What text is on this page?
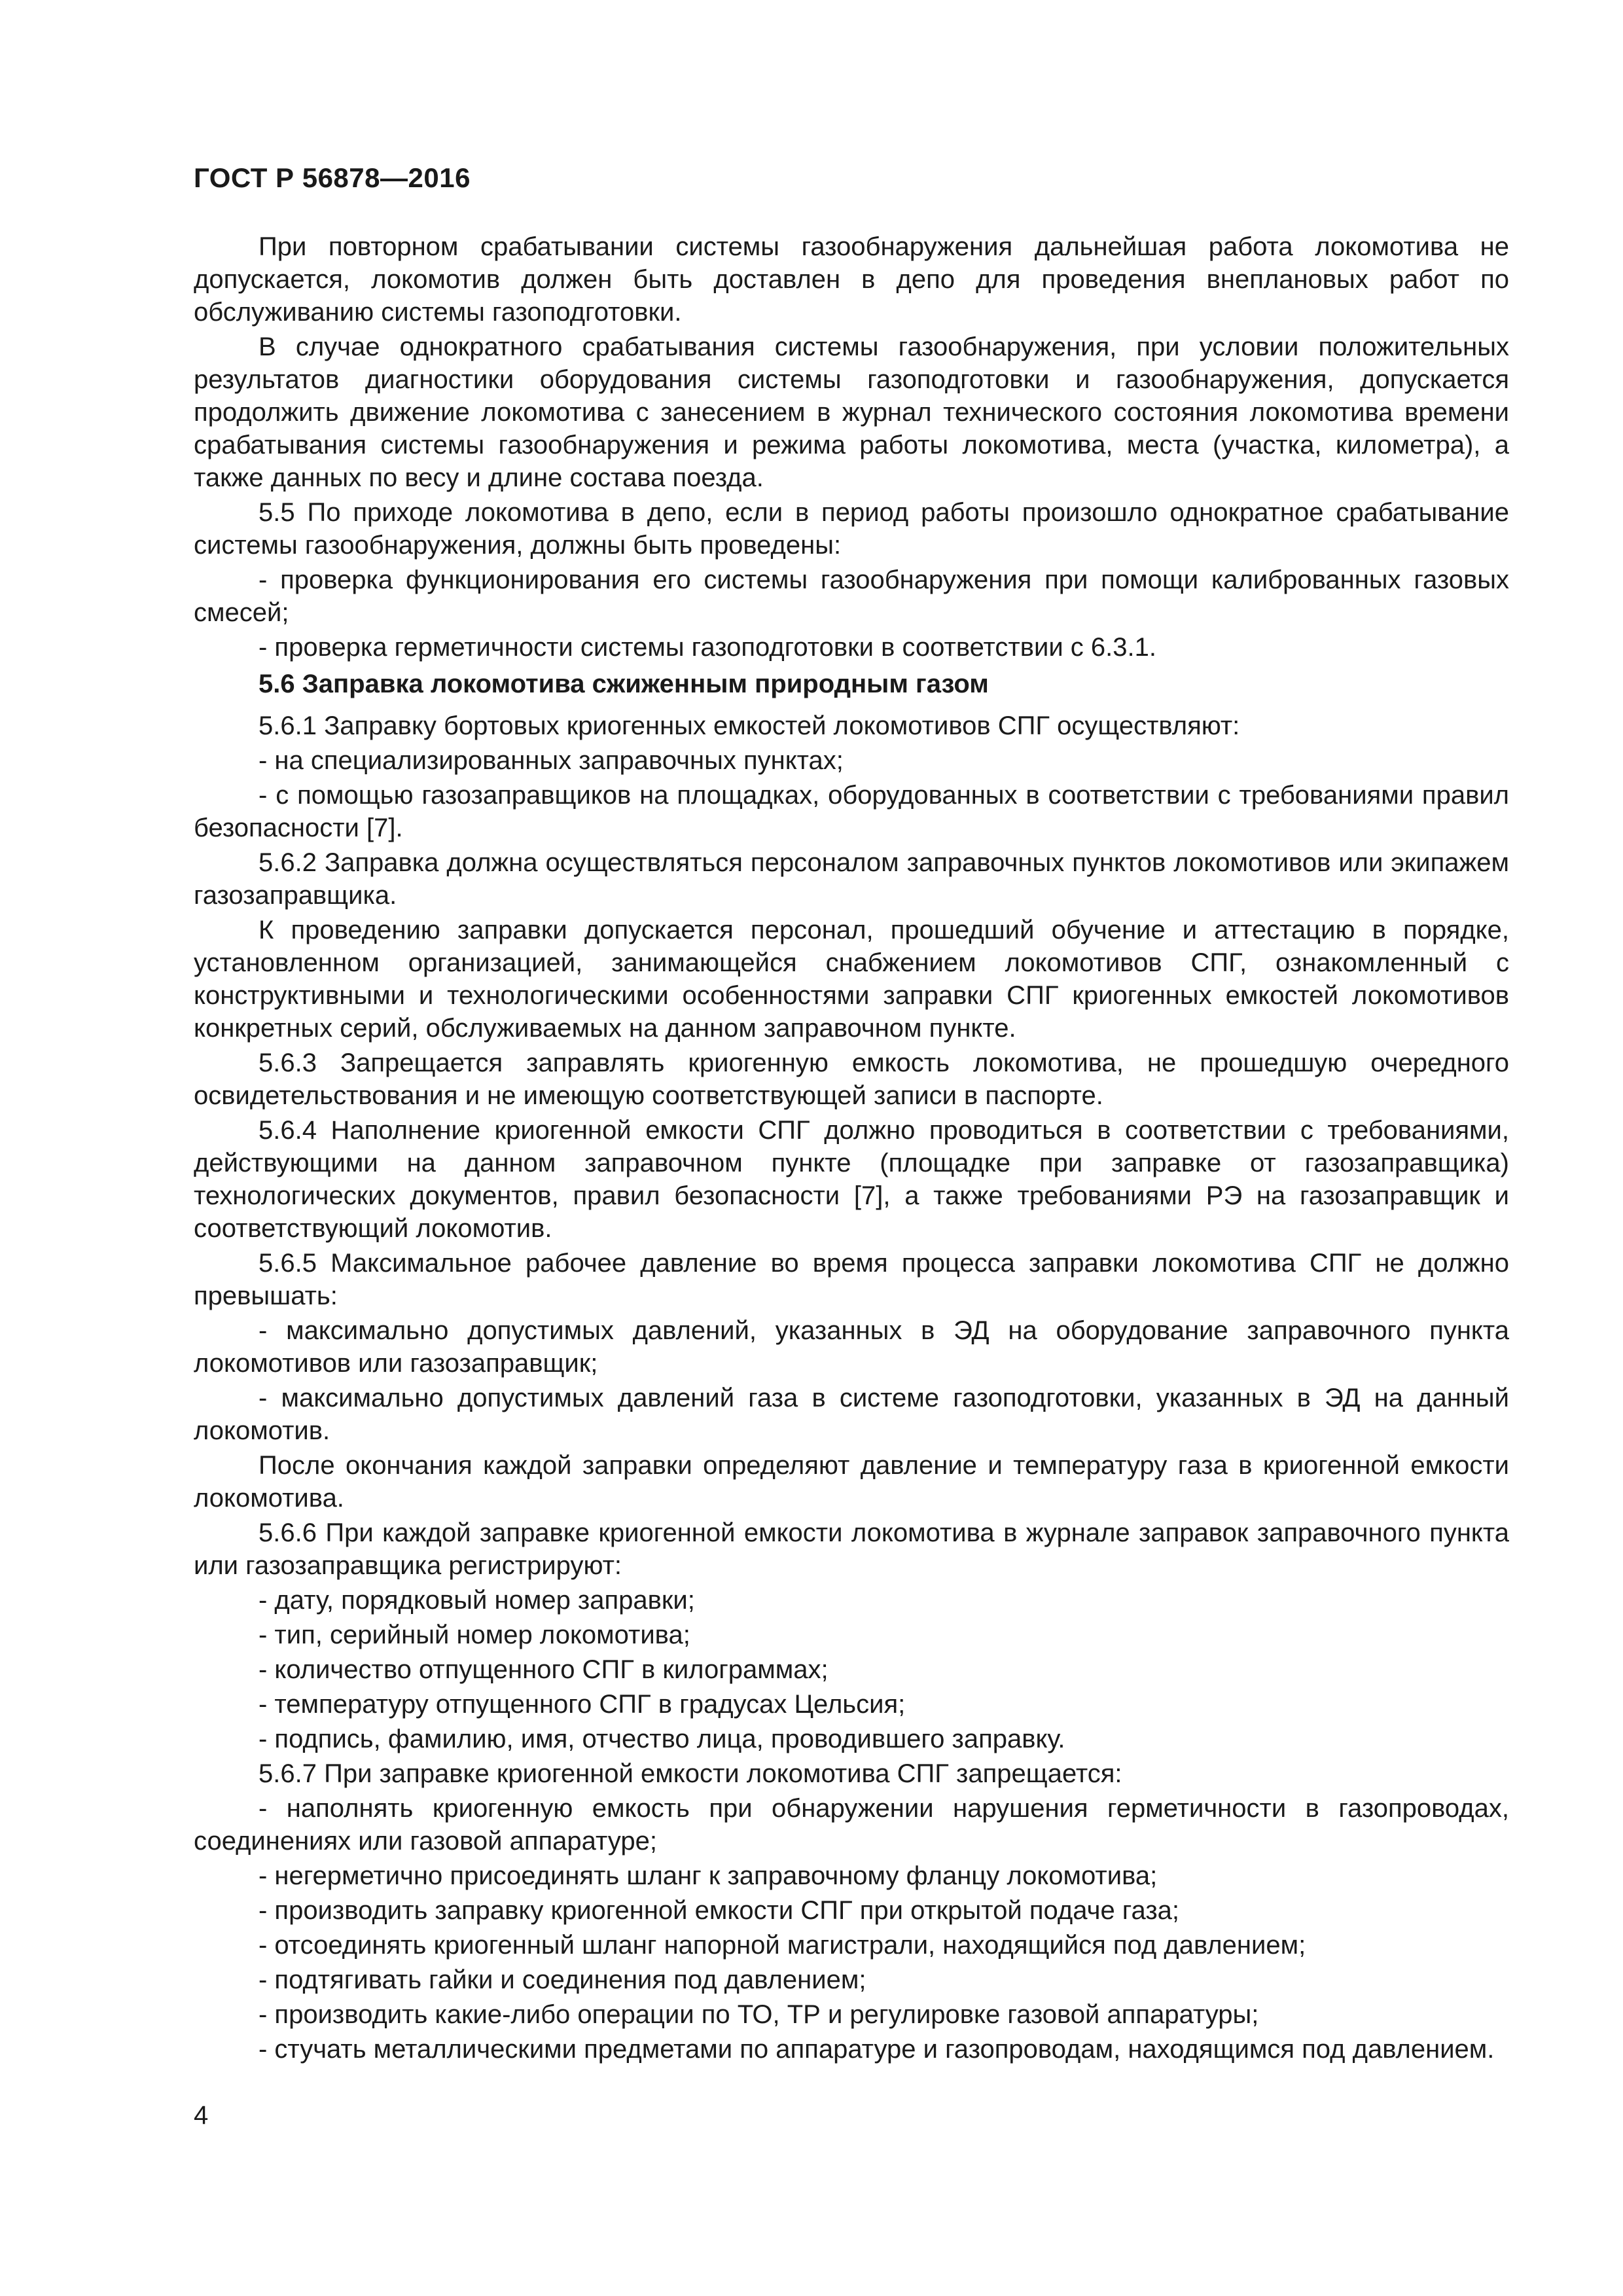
ГОСТ Р 56878—2016

При повторном срабатывании системы газообнаружения дальнейшая работа локомотива не допускается, локомотив должен быть доставлен в депо для проведения внеплановых работ по обслуживанию системы газоподготовки.

В случае однократного срабатывания системы газообнаружения, при условии положительных результатов диагностики оборудования системы газоподготовки и газообнаружения, допускается продолжить движение локомотива с занесением в журнал технического состояния локомотива времени срабатывания системы газообнаружения и режима работы локомотива, места (участка, километра), а также данных по весу и длине состава поезда.

5.5 По приходе локомотива в депо, если в период работы произошло однократное срабатывание системы газообнаружения, должны быть проведены:

- проверка функционирования его системы газообнаружения при помощи калиброванных газовых смесей;

- проверка герметичности системы газоподготовки в соответствии с 6.3.1.

5.6 Заправка локомотива сжиженным природным газом

5.6.1 Заправку бортовых криогенных емкостей локомотивов СПГ осуществляют:

- на специализированных заправочных пунктах;

- с помощью газозаправщиков на площадках, оборудованных в соответствии с требованиями правил безопасности [7].

5.6.2 Заправка должна осуществляться персоналом заправочных пунктов локомотивов или экипажем газозаправщика.

К проведению заправки допускается персонал, прошедший обучение и аттестацию в порядке, установленном организацией, занимающейся снабжением локомотивов СПГ, ознакомленный с конструктивными и технологическими особенностями заправки СПГ криогенных емкостей локомотивов конкретных серий, обслуживаемых на данном заправочном пункте.

5.6.3 Запрещается заправлять криогенную емкость локомотива, не прошедшую очередного освидетельствования и не имеющую соответствующей записи в паспорте.

5.6.4 Наполнение криогенной емкости СПГ должно проводиться в соответствии с требованиями, действующими на данном заправочном пункте (площадке при заправке от газозаправщика) технологических документов, правил безопасности [7], а также требованиями РЭ на газозаправщик и соответствующий локомотив.

5.6.5 Максимальное рабочее давление во время процесса заправки локомотива СПГ не должно превышать:

- максимально допустимых давлений, указанных в ЭД на оборудование заправочного пункта локомотивов или газозаправщик;

- максимально допустимых давлений газа в системе газоподготовки, указанных в ЭД на данный локомотив.

После окончания каждой заправки определяют давление и температуру газа в криогенной емкости локомотива.

5.6.6 При каждой заправке криогенной емкости локомотива в журнале заправок заправочного пункта или газозаправщика регистрируют:

- дату, порядковый номер заправки;

- тип, серийный номер локомотива;

- количество отпущенного СПГ в килограммах;

- температуру отпущенного СПГ в градусах Цельсия;

- подпись, фамилию, имя, отчество лица, проводившего заправку.

5.6.7 При заправке криогенной емкости локомотива СПГ запрещается:

- наполнять криогенную емкость при обнаружении нарушения герметичности в газопроводах, соединениях или газовой аппаратуре;

- негерметично присоединять шланг к заправочному фланцу локомотива;

- производить заправку криогенной емкости СПГ при открытой подаче газа;

- отсоединять криогенный шланг напорной магистрали, находящийся под давлением;

- подтягивать гайки и соединения под давлением;

- производить какие-либо операции по ТО, ТР и регулировке газовой аппаратуры;

- стучать металлическими предметами по аппаратуре и газопроводам, находящимся под давлением.

4
